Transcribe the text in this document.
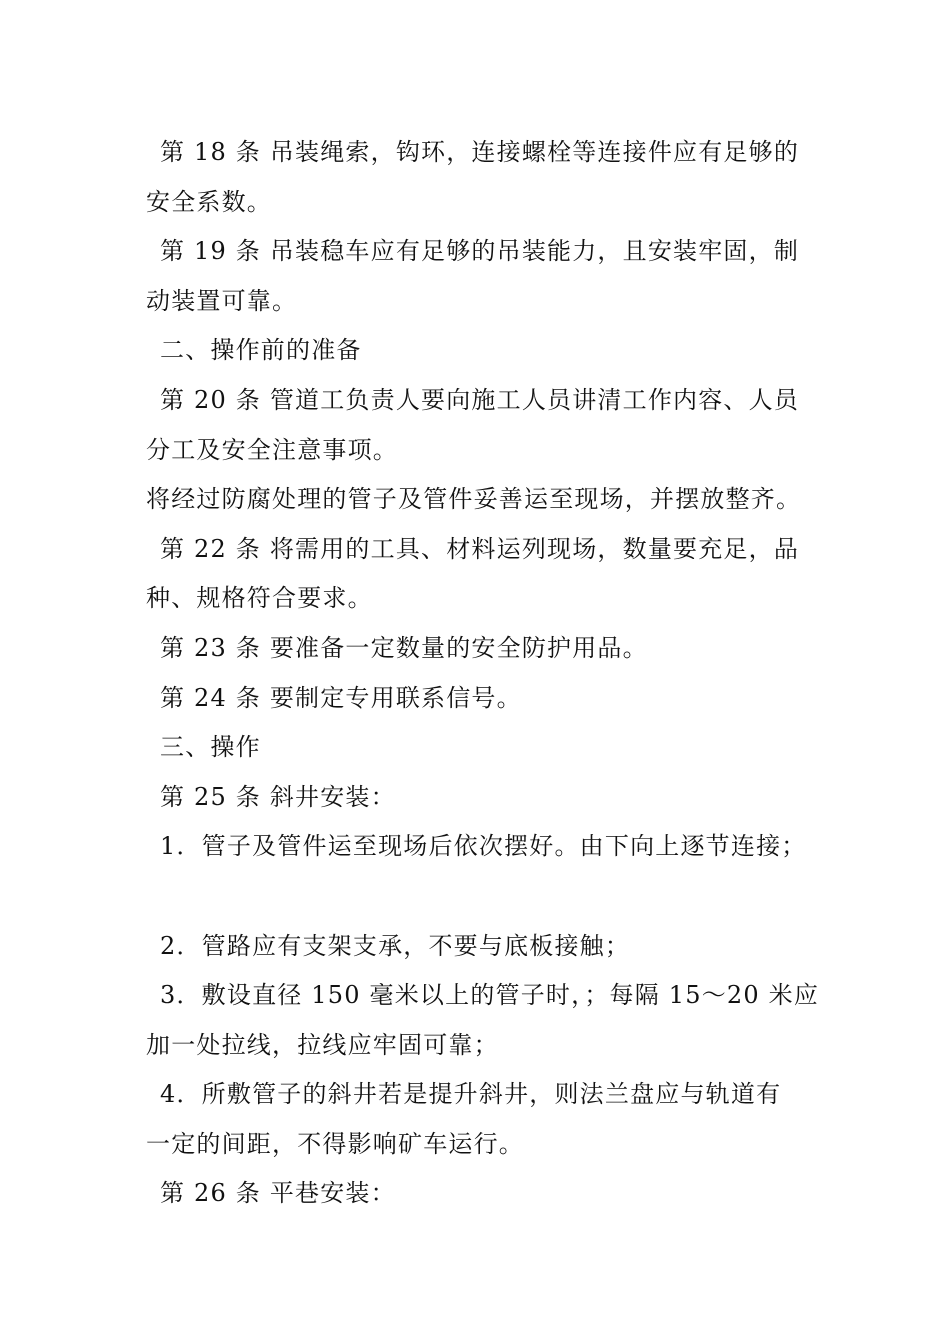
第 18 条 吊装绳索，钩环，连接螺栓等连接件应有足够的
安全系数。
第 19 条 吊装稳车应有足够的吊装能力，且安装牢固，制
动装置可靠。
二、操作前的准备
第 20 条 管道工负责人要向施工人员讲清工作内容、人员
分工及安全注意事项。
将经过防腐处理的管子及管件妥善运至现场，并摆放整齐。
第 22 条 将需用的工具、材料运列现场，数量要充足，品
种、规格符合要求。
第 23 条 要准备一定数量的安全防护用品。
第 24 条 要制定专用联系信号。
三、操作
第 25 条 斜井安装：
1．管子及管件运至现场后依次摆好。由下向上逐节连接；
2．管路应有支架支承，不要与底板接触；
3．敷设直径 150 毫米以上的管子时，；每隔 15～20 米应
加一处拉线，拉线应牢固可靠；
4．所敷管子的斜井若是提升斜井，则法兰盘应与轨道有
一定的间距，不得影响矿车运行。
第 26 条 平巷安装：
